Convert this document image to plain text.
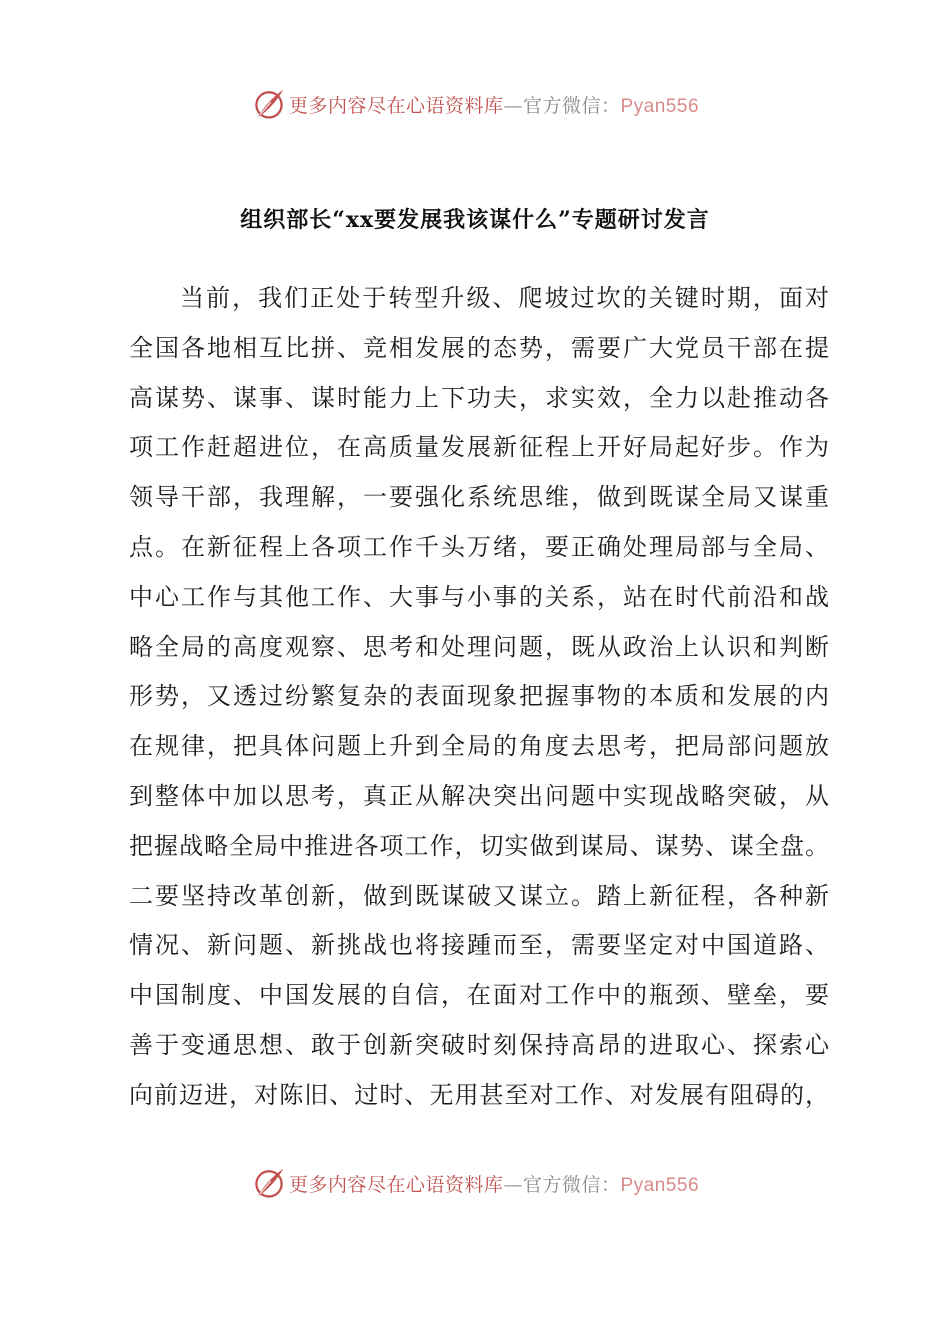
更多内容尽在心语资料库—官方微信：Pyan556
组织部长“xx要发展我该谋什么”专题研讨发言
当前，我们正处于转型升级、爬坡过坎的关键时期，面对
全国各地相互比拼、竞相发展的态势，需要广大党员干部在提
高谋势、谋事、谋时能力上下功夫，求实效，全力以赴推动各
项工作赶超进位，在高质量发展新征程上开好局起好步。作为
领导干部，我理解，一要强化系统思维，做到既谋全局又谋重
点。在新征程上各项工作千头万绪，要正确处理局部与全局、
中心工作与其他工作、大事与小事的关系，站在时代前沿和战
略全局的高度观察、思考和处理问题，既从政治上认识和判断
形势，又透过纷繁复杂的表面现象把握事物的本质和发展的内
在规律，把具体问题上升到全局的角度去思考，把局部问题放
到整体中加以思考，真正从解决突出问题中实现战略突破，从
把握战略全局中推进各项工作，切实做到谋局、谋势、谋全盘。
二要坚持改革创新，做到既谋破又谋立。踏上新征程，各种新
情况、新问题、新挑战也将接踵而至，需要坚定对中国道路、
中国制度、中国发展的自信，在面对工作中的瓶颈、壁垒，要
善于变通思想、敢于创新突破时刻保持高昂的进取心、探索心
向前迈进，对陈旧、过时、无用甚至对工作、对发展有阻碍的，
更多内容尽在心语资料库—官方微信：Pyan556
